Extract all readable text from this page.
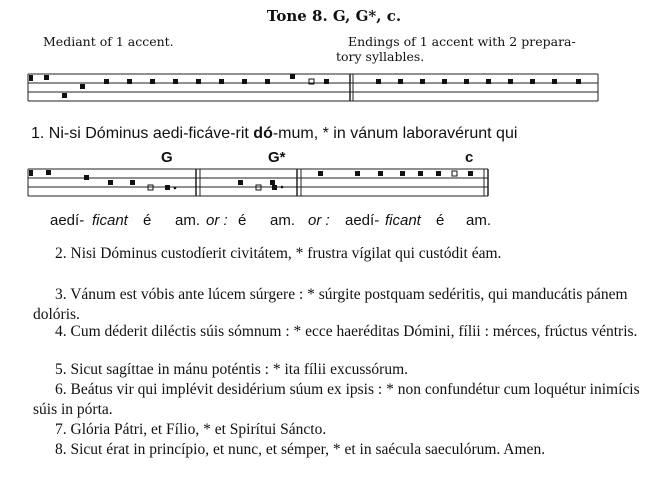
Tone 8. G, G*, c.
Mediant of 1 accent.	Endings of 1 accent with 2 prepara-
tory syllables.
1. Ni-si Dóminus aedi-ficáve-rit dó-mum, * in vánum laboravérunt qui
G	G*	c
aedí- ficant é am. or : é am. or : aedí- ficant é am.
2. Nisi Dóminus custodíerit civitátem, * frustra vígilat qui custódit éam.
3. Vánum est vóbis ante lúcem súrgere : * súrgite postquam sedéritis, qui manducátis pánem dolóris.
4. Cum déderit diléctis súis sómnum : * ecce haeréditas Dómini, fílii : mérces, frúctus véntris.
5. Sicut sagíttae in mánu poténtis : * ita fílii excussórum.
6. Beátus vir qui implévit desidérium súum ex ipsis : * non confundétur cum loquétur inimícis súis in pórta.
7. Glória Pátri, et Fílio, * et Spirítui Sáncto.
8. Sicut érat in princípio, et nunc, et sémper, * et in saécula saeculórum. Amen.
